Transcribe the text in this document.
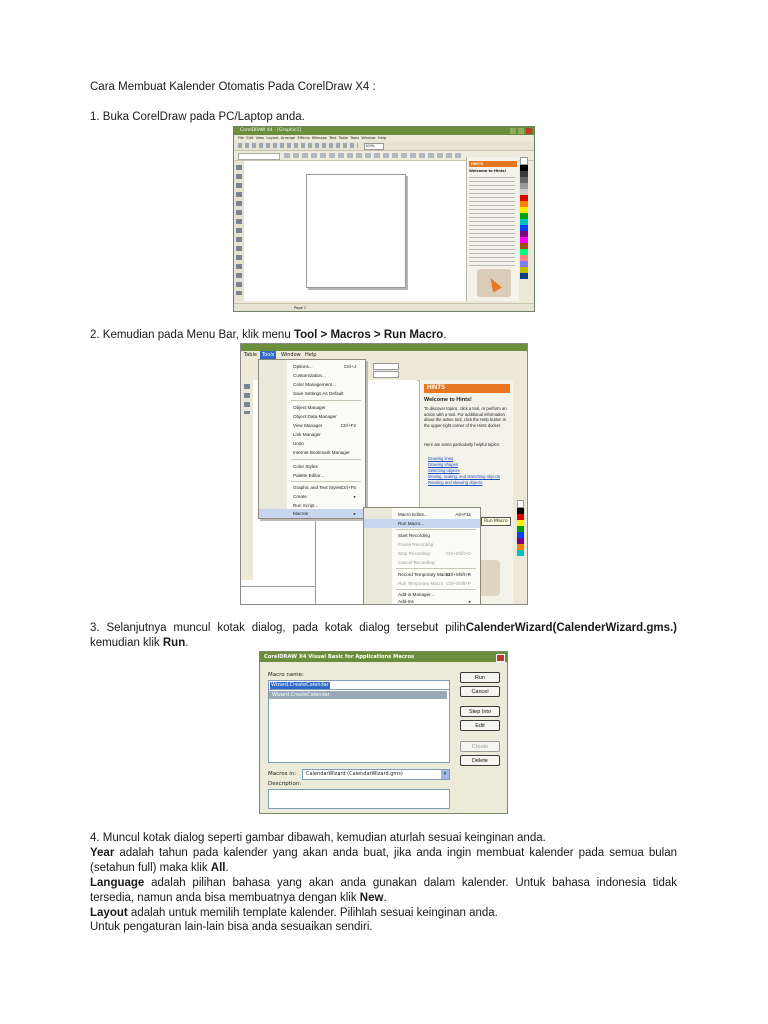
Cara Membuat Kalender Otomatis Pada CorelDraw X4 :
1. Buka CorelDraw pada PC/Laptop anda.
CorelDRAW X4 - [Graphic1]
File Edit View Layout Arrange Effects Bitmaps Text Table Tools Window Help
100%
HINTS
Welcome to Hints!
Page 1
2. Kemudian pada Menu Bar, klik menu Tool > Macros > Run Macro.
Table	Tools	Window Help
HINTS
Welcome to Hints!
To discover topics, click a tool, or perform an action with a tool. For additional information about the active tool, click the Help button in the upper-right corner of the Hints docker.
Here are some particularly helpful topics:
Drawing lines
Drawing shapes
Selecting objects
Moving, scaling, and stretching objects
Rotating and skewing objects
Options...	Ctrl+J
Customization...
Color Management...
Save Settings As Default
Object Manager
Object Data Manager
View Manager	Ctrl+F2
Link Manager
Undo
Internet Bookmark Manager
Color Styles
Palette Editor...
Graphic and Text Styles Ctrl+F5
Create	▸
Run Script...
Macros	▸	Macro Editor...	Alt+F11
Run Macro...
Start Recording
Pause Recording
Stop Recording	Ctrl+Shift+O
Cancel Recording
Record Temporary Macro
Ctrl+Shift+R
Run Temporary Macro Ctrl+Shift+P
Add-in Manager...
Add-Ins	▸
Run Macro
3. Selanjutnya muncul kotak dialog, pada kotak dialog tersebut pilihCalenderWizard(CalenderWizard.gms.) kemudian klik Run.
CorelDRAW X4 Visual Basic for Applications Macros
Macro name:
Wizard.CreateCalendar
Wizard.CreateCalendar
Run
Cancel
Step Into
Edit
Create
Delete
Macros in: CalendarWizard (CalendarWizard.gms)	▾
Description:
4. Muncul kotak dialog seperti gambar dibawah, kemudian aturlah sesuai keinginan anda.
Year adalah tahun pada kalender yang akan anda buat, jika anda ingin membuat kalender pada semua bulan (setahun full) maka klik All.
Language adalah pilihan bahasa yang akan anda gunakan dalam kalender. Untuk bahasa indonesia tidak tersedia, namun anda bisa membuatnya dengan klik New.
Layout adalah untuk memilih template kalender. Pilihlah sesuai keinginan anda.
Untuk pengaturan lain-lain bisa anda sesuaikan sendiri.
